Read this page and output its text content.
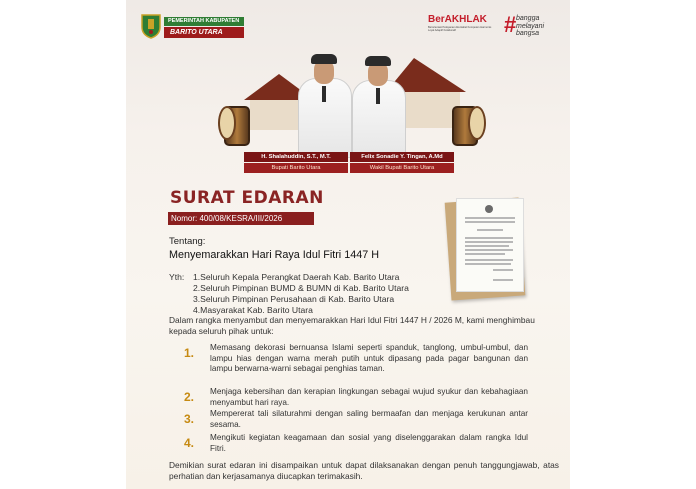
PEMERINTAH KABUPATEN
BARITO UTARA
BerAKHLAK
Berorientasi Pelayanan Akuntabel Kompeten Harmonis Loyal Adaptif Kolaboratif	# bangga
melayani
bangsa
H. Shalahuddin, S.T., M.T.
Bupati Barito Utara
Felix Sonadie Y. Tingan, A.Md
Wakil Bupati Barito Utara
SURAT EDARAN
Nomor: 400/08/KESRA/III/2026
Tentang:
Menyemarakkan Hari Raya Idul Fitri 1447 H
Yth: 1.Seluruh Kepala Perangkat Daerah Kab. Barito Utara
2.Seluruh Pimpinan BUMD & BUMN di Kab. Barito Utara
3.Seluruh Pimpinan Perusahaan di Kab. Barito Utara
4.Masyarakat Kab. Barito Utara
Dalam rangka menyambut dan menyemarakkan Hari Idul Fitri 1447 H / 2026 M, kami menghimbau kepada seluruh pihak untuk:
1.	Memasang dekorasi bernuansa Islami seperti spanduk, tanglong, umbul-umbul, dan lampu hias dengan warna merah putih untuk dipasang pada pagar bangunan dan lampu berwarna-warni sebagai penghias taman.
2.	Menjaga kebersihan dan kerapian lingkungan sebagai wujud syukur dan kebahagiaan menyambut hari raya.
3.	Mempererat tali silaturahmi dengan saling bermaafan dan menjaga kerukunan antar sesama.
4.	Mengikuti kegiatan keagamaan dan sosial yang diselenggarakan dalam rangka Idul Fitri.
Demikian surat edaran ini disampaikan untuk dapat dilaksanakan dengan penuh tanggungjawab, atas perhatian dan kerjasamanya diucapkan terimakasih.
